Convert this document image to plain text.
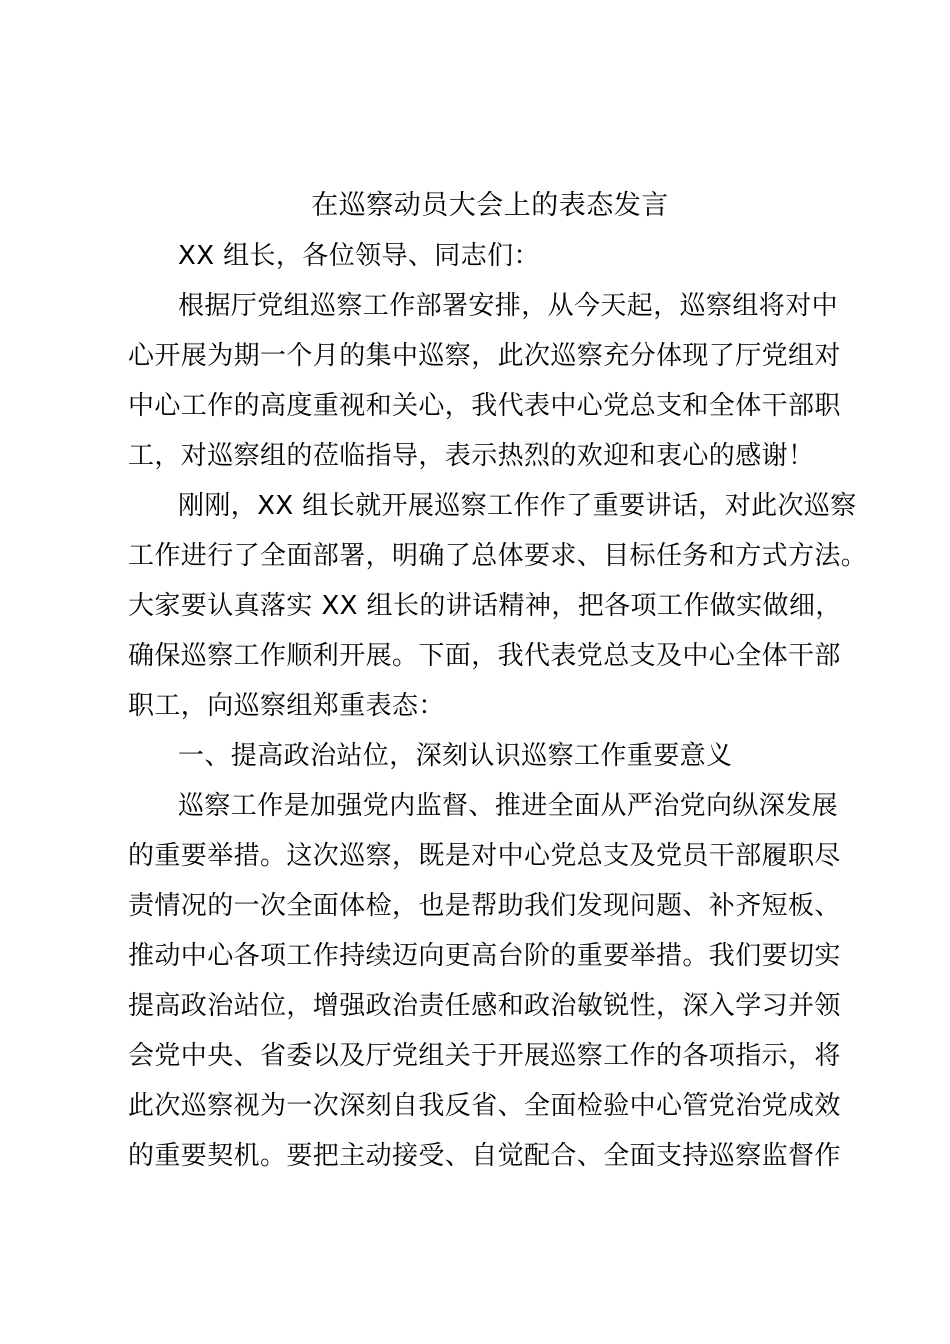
在巡察动员大会上的表态发言
XX 组长，各位领导、同志们：
根据厅党组巡察工作部署安排，从今天起，巡察组将对中
心开展为期一个月的集中巡察，此次巡察充分体现了厅党组对
中心工作的高度重视和关心，我代表中心党总支和全体干部职
工，对巡察组的莅临指导，表示热烈的欢迎和衷心的感谢！
刚刚，XX 组长就开展巡察工作作了重要讲话，对此次巡察
工作进行了全面部署，明确了总体要求、目标任务和方式方法。
大家要认真落实 XX 组长的讲话精神，把各项工作做实做细，
确保巡察工作顺利开展。下面，我代表党总支及中心全体干部
职工，向巡察组郑重表态：
一、提高政治站位，深刻认识巡察工作重要意义
巡察工作是加强党内监督、推进全面从严治党向纵深发展
的重要举措。这次巡察，既是对中心党总支及党员干部履职尽
责情况的一次全面体检，也是帮助我们发现问题、补齐短板、
推动中心各项工作持续迈向更高台阶的重要举措。我们要切实
提高政治站位，增强政治责任感和政治敏锐性，深入学习并领
会党中央、省委以及厅党组关于开展巡察工作的各项指示，将
此次巡察视为一次深刻自我反省、全面检验中心管党治党成效
的重要契机。要把主动接受、自觉配合、全面支持巡察监督作
